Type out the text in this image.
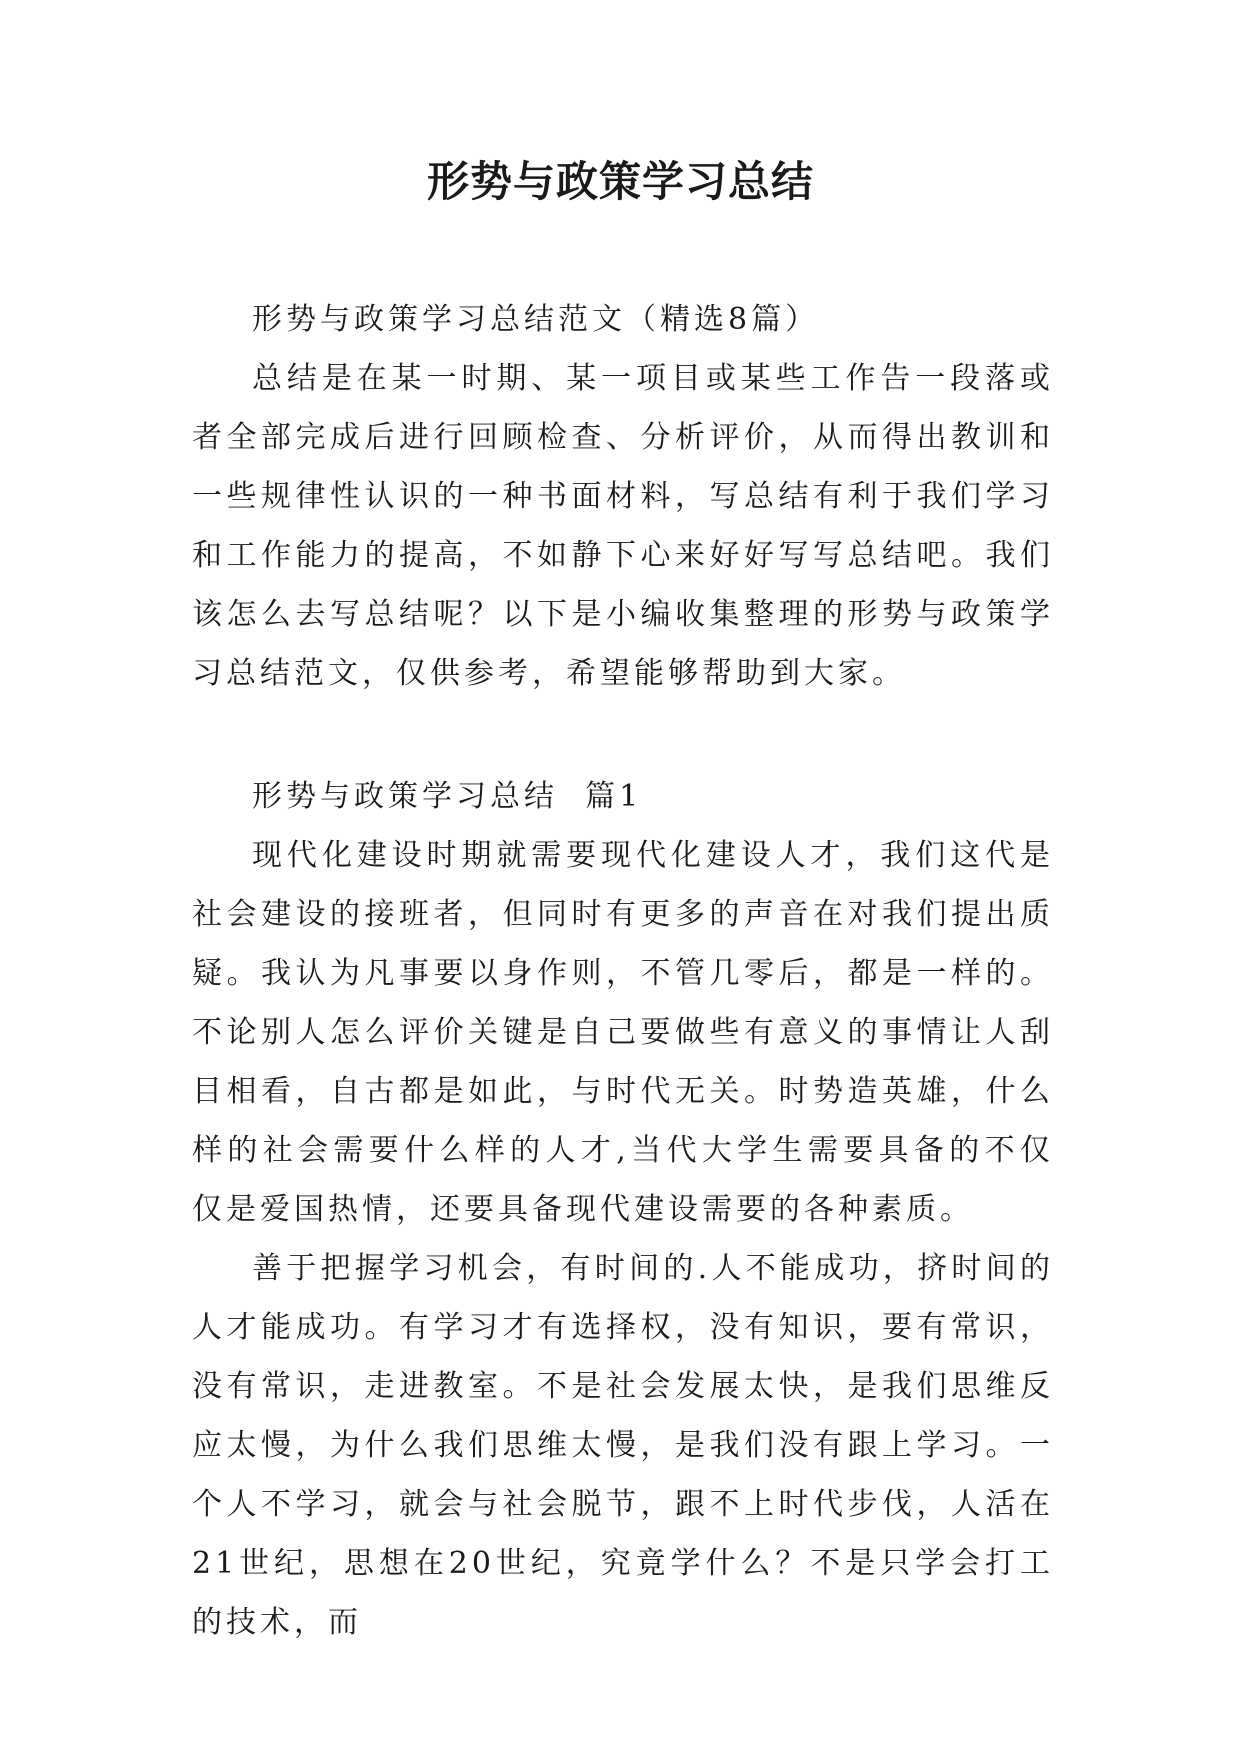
形势与政策学习总结

形势与政策学习总结范文（精选8篇）

总结是在某一时期、某一项目或某些工作告一段落或者全部完成后进行回顾检查、分析评价，从而得出教训和一些规律性认识的一种书面材料，写总结有利于我们学习和工作能力的提高，不如静下心来好好写写总结吧。我们该怎么去写总结呢？以下是小编收集整理的形势与政策学习总结范文，仅供参考，希望能够帮助到大家。

形势与政策学习总结  篇1

现代化建设时期就需要现代化建设人才，我们这代是社会建设的接班者，但同时有更多的声音在对我们提出质疑。我认为凡事要以身作则，不管几零后，都是一样的。不论别人怎么评价关键是自己要做些有意义的事情让人刮目相看，自古都是如此，与时代无关。时势造英雄，什么样的社会需要什么样的人才,当代大学生需要具备的不仅仅是爱国热情，还要具备现代建设需要的各种素质。

善于把握学习机会，有时间的.人不能成功，挤时间的人才能成功。有学习才有选择权，没有知识，要有常识，没有常识，走进教室。不是社会发展太快，是我们思维反应太慢，为什么我们思维太慢，是我们没有跟上学习。一个人不学习，就会与社会脱节，跟不上时代步伐，人活在21世纪，思想在20世纪，究竟学什么？不是只学会打工的技术，而
